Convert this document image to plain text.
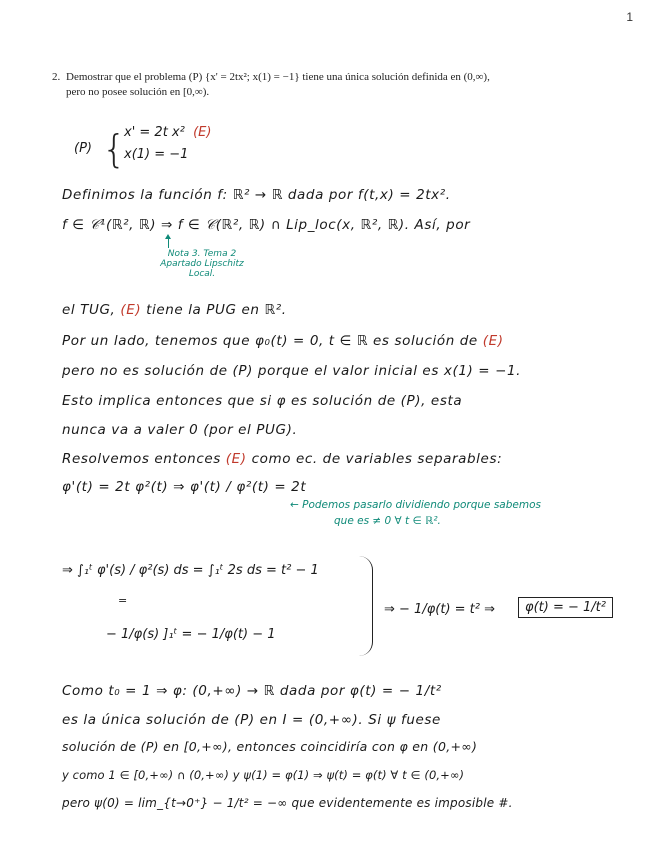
1
2. Demostrar que el problema (P) {x' = 2tx²; x(1) = −1} tiene una única solución definida en (0,∞),
pero no posee solución en [0,∞).
(P) {
x' = 2t x² (E)
x(1) = −1
Definimos la función f: ℝ² → ℝ dada por f(t,x) = 2tx².
f ∈ 𝒞¹(ℝ², ℝ) ⇒ f ∈ 𝒞(ℝ², ℝ) ∩ Lip_loc(x, ℝ², ℝ). Así, por
Nota 3. Tema 2
Apartado Lipschitz
Local.
el TUG, (E) tiene la PUG en ℝ².
Por un lado, tenemos que φ₀(t) = 0, t ∈ ℝ es solución de (E)
pero no es solución de (P) porque el valor inicial es x(1) = −1.
Esto implica entonces que si φ es solución de (P), esta
nunca va a valer 0 (por el PUG).
Resolvemos entonces (E) como ec. de variables separables:
φ'(t) = 2t φ²(t) ⇒ φ'(t) / φ²(t) = 2t
← Podemos pasarlo dividiendo porque sabemos
que es ≠ 0 ∀ t ∈ ℝ².
⇒ ∫₁ᵗ φ'(s) / φ²(s) ds = ∫₁ᵗ 2s ds = t² − 1
=
− 1/φ(s) ]₁ᵗ = − 1/φ(t) − 1
⇒ − 1/φ(t) = t² ⇒	φ(t) = − 1/t²
Como t₀ = 1 ⇒ φ: (0,+∞) → ℝ dada por φ(t) = − 1/t²
es la única solución de (P) en I = (0,+∞). Si ψ fuese
solución de (P) en [0,+∞), entonces coincidiría con φ en (0,+∞)
y como 1 ∈ [0,+∞) ∩ (0,+∞) y ψ(1) = φ(1) ⇒ ψ(t) = φ(t) ∀ t ∈ (0,+∞)
pero ψ(0) = lim_{t→0⁺} − 1/t² = −∞ que evidentemente es imposible #.
